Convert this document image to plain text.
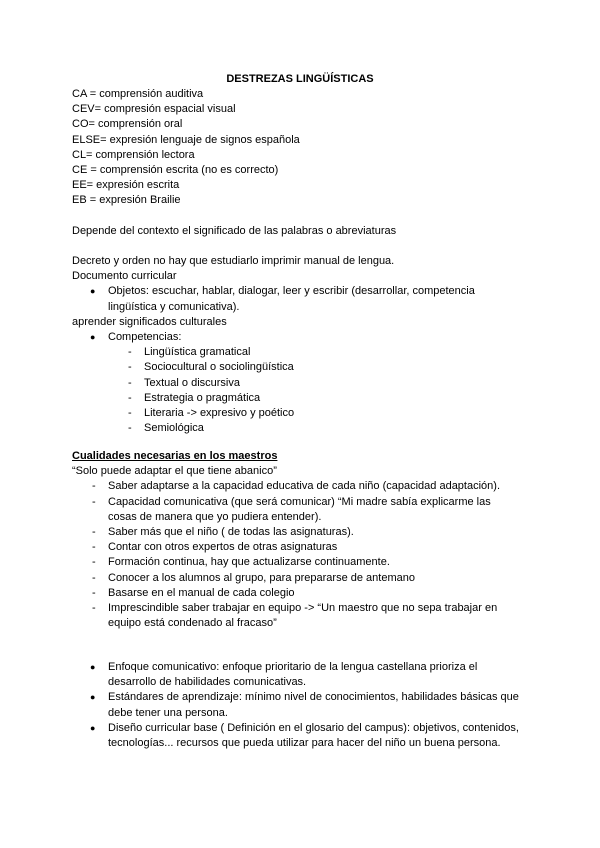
DESTREZAS LINGÜÍSTICAS
CA = comprensión auditiva
CEV= compresión espacial visual
CO= comprensión oral
ELSE= expresión lenguaje de signos española
CL= comprensión lectora
CE = comprensión escrita (no es correcto)
EE= expresión escrita
EB = expresión Brailie
Depende del contexto el significado de las palabras o abreviaturas
Decreto y orden no hay que estudiarlo imprimir manual de lengua.
Documento curricular
● Objetos: escuchar, hablar, dialogar, leer y escribir (desarrollar, competencia
lingüística y comunicativa).
aprender significados culturales
● Competencias:
- Lingüística gramatical
- Sociocultural o sociolingüística
- Textual o discursiva
- Estrategia o pragmática
- Literaria -> expresivo y poético
- Semiológica
Cualidades necesarias en los maestros
“Solo puede adaptar el que tiene abanico”
- Saber adaptarse a la capacidad educativa de cada niño (capacidad adaptación).
- Capacidad comunicativa (que será comunicar) “Mi madre sabía explicarme las
cosas de manera que yo pudiera entender).
- Saber más que el niño ( de todas las asignaturas).
- Contar con otros expertos de otras asignaturas
- Formación continua, hay que actualizarse continuamente.
- Conocer a los alumnos al grupo, para prepararse de antemano
- Basarse en el manual de cada colegio
- Imprescindible saber trabajar en equipo -> “Un maestro que no sepa trabajar en
equipo está condenado al fracaso”
● Enfoque comunicativo: enfoque prioritario de la lengua castellana prioriza el
desarrollo de habilidades comunicativas.
● Estándares de aprendizaje: mínimo nivel de conocimientos, habilidades básicas que
debe tener una persona.
● Diseño curricular base ( Definición en el glosario del campus): objetivos, contenidos,
tecnologías... recursos que pueda utilizar para hacer del niño un buena persona.
